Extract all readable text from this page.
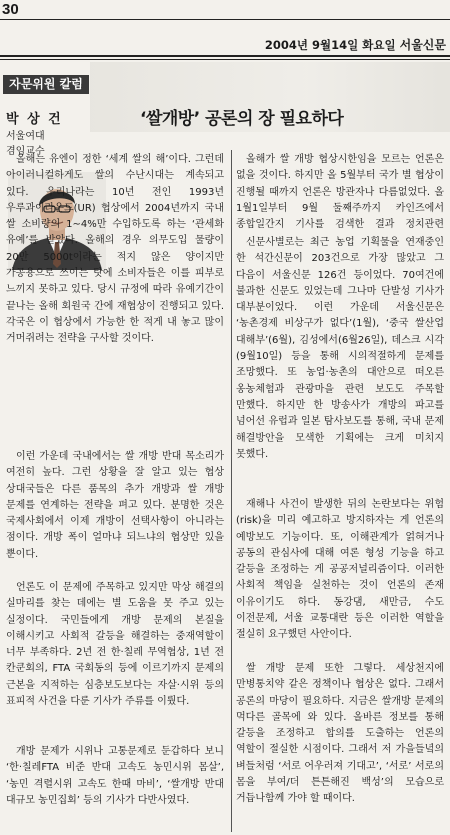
30
2004년 9월14일 화요일 서울신문
자문위원 칼럼
‘쌀개방’ 공론의 장 필요하다
박 상 건
서울여대
겸임교수
올해는 유엔이 정한 ‘세계 쌀의 해’이다. 그런데 아이러니컬하게도 쌀의 수난시대는 계속되고 있다. 우리나라는 10년 전인 1993년 우루과이라운드(UR) 협상에서 2004년까지 국내 쌀 소비량의 1∼4%만 수입하도록 하는 ‘관세화 유예’를 받았다. 올해의 경우 의무도입 물량이 20만 5000t이라는 적지 않은 양이지만 가공용으로 쓰이는 탓에 소비자들은 이를 피부로 느끼지 못하고 있다. 당시 규정에 따라 유예기간이 끝나는 올해 회원국 간에 재협상이 진행되고 있다. 각국은 이 협상에서 가능한 한 적게 내 놓고 많이 거머쥐려는 전략을 구사할 것이다.
이런 가운데 국내에서는 쌀 개방 반대 목소리가 여전히 높다. 그런 상황을 잘 알고 있는 협상 상대국들은 다른 품목의 추가 개방과 쌀 개방 문제를 연계하는 전략을 펴고 있다. 분명한 것은 국제사회에서 이제 개방이 선택사항이 아니라는 점이다. 개방 폭이 얼마냐 되느냐의 협상만 있을 뿐이다.
언론도 이 문제에 주목하고 있지만 막상 해결의 실마리를 찾는 데에는 별 도움을 못 주고 있는 실정이다. 국민들에게 개방 문제의 본질을 이해시키고 사회적 갈등을 해결하는 중재역할이 너무 부족하다. 2년 전 한·칠레 무역협상, 1년 전 칸쿤회의, FTA 국회동의 등에 이르기까지 문제의 근본을 지적하는 심층보도보다는 자살·시위 등의 표피적 사건을 다룬 기사가 주류를 이뤘다.
개방 문제가 시위나 고통문제로 둔갑하다 보니 ‘한·칠레FTA 비준 반대 고속도 농민시위 몸살’, ‘농민 격렬시위 고속도 한때 마비’, ‘쌀개방 반대 대규모 농민집회’ 등의 기사가 다반사였다.
올해가 쌀 개방 협상시한임을 모르는 언론은 없을 것이다. 하지만 올 5월부터 국가 별 협상이 진행될 때까지 언론은 방관자나 다름없었다. 올 1월1일부터 9월 둘째주까지 카인즈에서 종합일간지 기사를 검색한 결과 정치관련
신문사별로는 최근 농업 기획물을 연재중인 한 석간신문이 203건으로 가장 많았고 그 다음이 서울신문 126건 등이었다. 70여건에 불과한 신문도 있었는데 그나마 단발성 기사가 대부분이었다. 이런 가운데 서울신문은 ‘농촌경제 비상구가 없다’(1월), ‘중국 쌀산업 대해부’(6월), 김성에서(6월26일), 데스크 시각(9월10일) 등을 통해 시의적절하게 문제를 조망했다. 또 농업·농촌의 대안으로 떠오른 옹농체험과 관광마을 관련 보도도 주목할 만했다. 하지만 한 방송사가 개방의 파고를 넘어선 유럽과 일본 탐사보도를 통해, 국내 문제 해결방안을 모색한 기획에는 크게 미치지 못했다.
재해나 사건이 발생한 뒤의 논란보다는 위험(risk)을 미리 예고하고 방지하자는 게 언론의 예방보도 기능이다. 또, 이해관계가 얽혀거나 공동의 관심사에 대해 여론 형성 기능을 하고 갈등을 조정하는 게 공공저널리즘이다. 이러한 사회적 책임을 실천하는 것이 언론의 존재 이유이기도 하다. 동강댐, 새만금, 수도 이전문제, 서울 교통대란 등은 이러한 역할을 절실히 요구했던 사안이다.
쌀 개방 문제 또한 그렇다. 세상천지에 만병통치약 같은 정책이나 협상은 없다. 그래서 공론의 마당이 필요하다. 지금은 쌀개방 문제의 먹다른 골목에 와 있다. 올바른 정보를 통해 갈등을 조정하고 합의를 도출하는 언론의 역할이 절실한 시점이다. 그래서 저 가을들녘의 벼들처럼 ‘서로 어우러져 기대고’, ‘서로’ 서로의 몸을 부여/더 튼튼해진 백성’의 모습으로 거듭나함께 가야 할 때이다.
